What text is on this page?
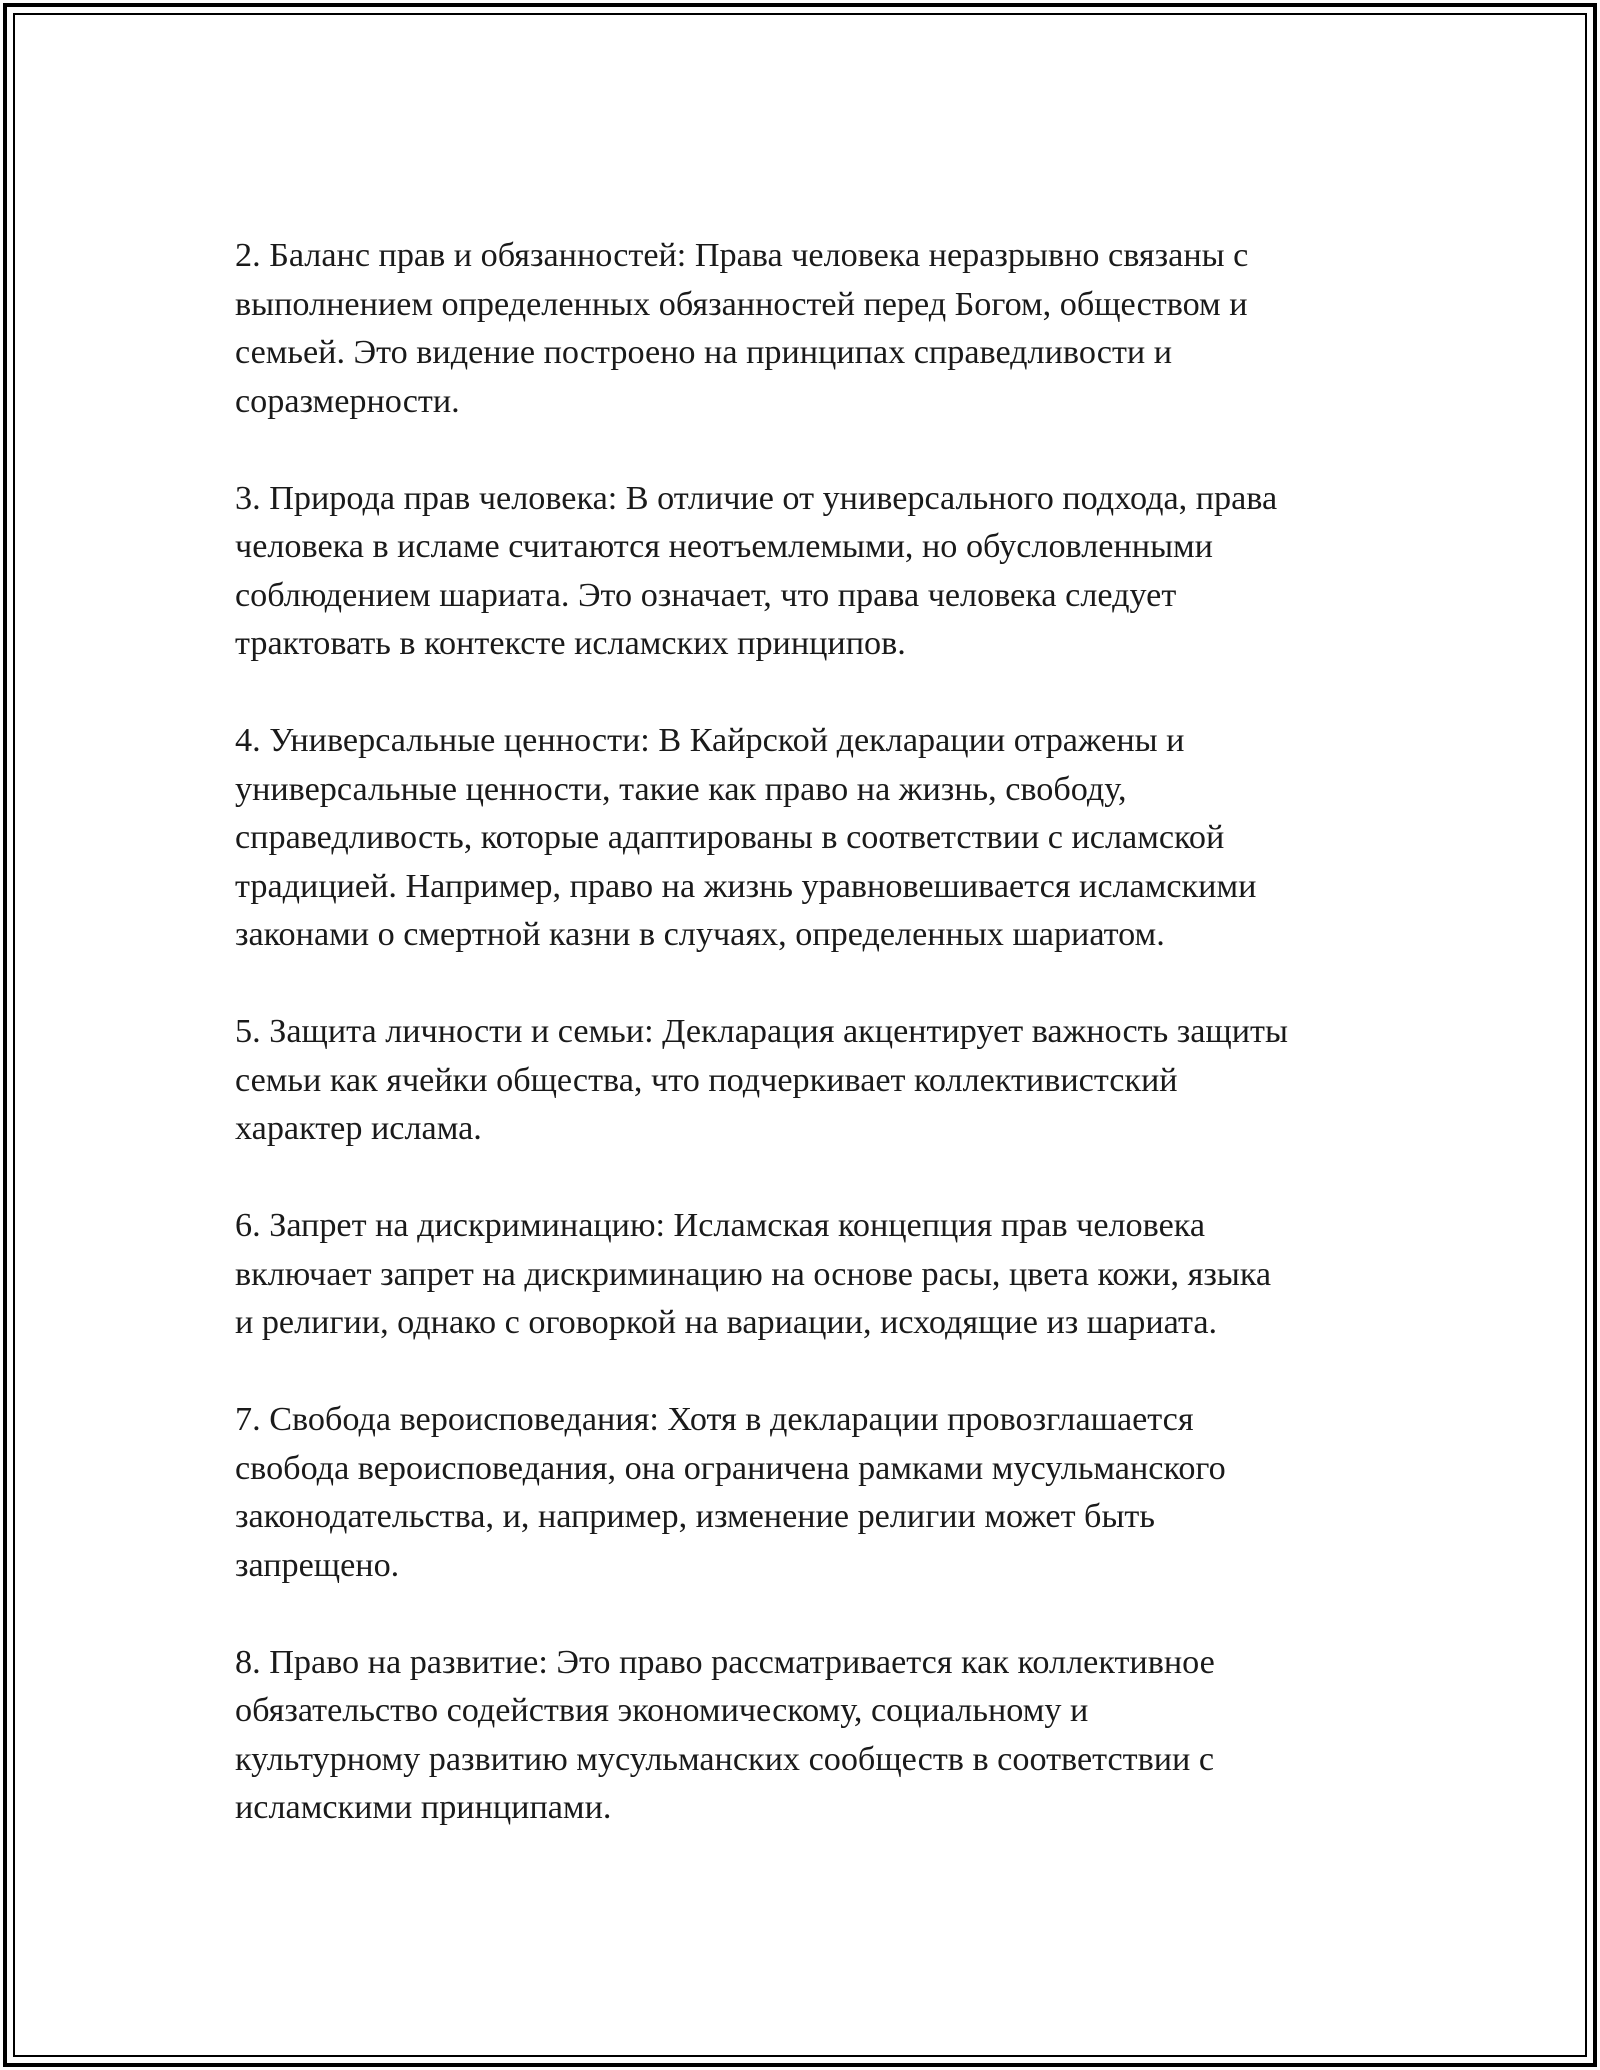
2. Баланс прав и обязанностей: Права человека неразрывно связаны с
выполнением определенных обязанностей перед Богом, обществом и
семьей. Это видение построено на принципах справедливости и
соразмерности.

3. Природа прав человека: В отличие от универсального подхода, права
человека в исламе считаются неотъемлемыми, но обусловленными
соблюдением шариата. Это означает, что права человека следует
трактовать в контексте исламских принципов.

4. Универсальные ценности: В Кайрской декларации отражены и
универсальные ценности, такие как право на жизнь, свободу,
справедливость, которые адаптированы в соответствии с исламской
традицией. Например, право на жизнь уравновешивается исламскими
законами о смертной казни в случаях, определенных шариатом.

5. Защита личности и семьи: Декларация акцентирует важность защиты
семьи как ячейки общества, что подчеркивает коллективистский
характер ислама.

6. Запрет на дискриминацию: Исламская концепция прав человека
включает запрет на дискриминацию на основе расы, цвета кожи, языка
и религии, однако с оговоркой на вариации, исходящие из шариата.

7. Свобода вероисповедания: Хотя в декларации провозглашается
свобода вероисповедания, она ограничена рамками мусульманского
законодательства, и, например, изменение религии может быть
запрещено.

8. Право на развитие: Это право рассматривается как коллективное
обязательство содействия экономическому, социальному и
культурному развитию мусульманских сообществ в соответствии с
исламскими принципами.
